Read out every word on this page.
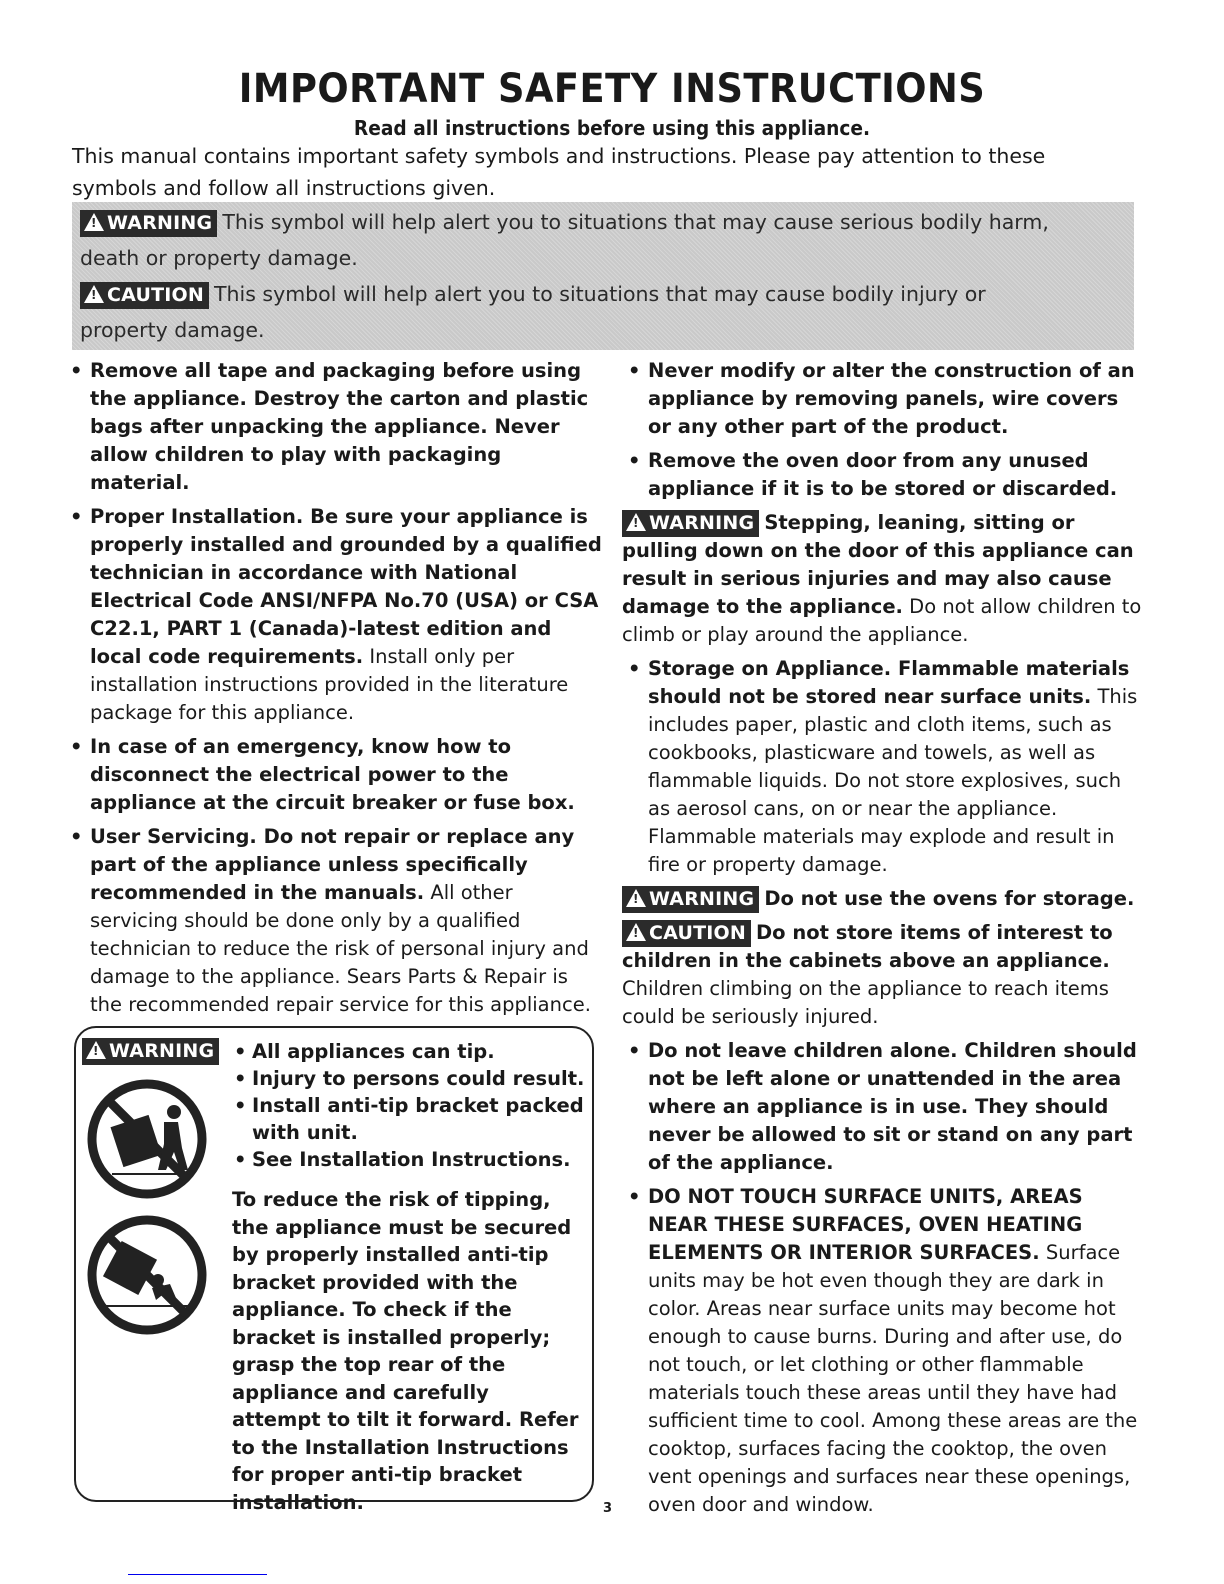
IMPORTANT SAFETY INSTRUCTIONS
Read all instructions before using this appliance.
This manual contains important safety symbols and instructions. Please pay attention to these symbols and follow all instructions given.
!WARNING This symbol will help alert you to situations that may cause serious bodily harm,
death or property damage.
!CAUTION This symbol will help alert you to situations that may cause bodily injury or
property damage.
• Remove all tape and packaging before using the appliance. Destroy the carton and plastic bags after unpacking the appliance. Never allow children to play with packaging material.
• Proper Installation. Be sure your appliance is properly installed and grounded by a qualified technician in accordance with National Electrical Code ANSI/NFPA No.70 (USA) or CSA C22.1, PART 1 (Canada)-latest edition and local code requirements. Install only per installation instructions provided in the literature package for this appliance.
• In case of an emergency, know how to disconnect the electrical power to the appliance at the circuit breaker or fuse box.
• User Servicing. Do not repair or replace any part of the appliance unless specifically recommended in the manuals. All other servicing should be done only by a qualified technician to reduce the risk of personal injury and damage to the appliance. Sears Parts & Repair is the recommended repair service for this appliance.
!WARNING	• All appliances can tip.
• Injury to persons could result.
• Install anti-tip bracket packed with unit.
• See Installation Instructions.
To reduce the risk of tipping, the appliance must be secured by properly installed anti-tip bracket provided with the appliance. To check if the bracket is installed properly; grasp the top rear of the appliance and carefully attempt to tilt it forward. Refer to the Installation Instructions for proper anti-tip bracket installation.
• Never modify or alter the construction of an appliance by removing panels, wire covers or any other part of the product.
• Remove the oven door from any unused appliance if it is to be stored or discarded.
!WARNING Stepping, leaning, sitting or pulling down on the door of this appliance can result in serious injuries and may also cause damage to the appliance. Do not allow children to climb or play around the appliance.
• Storage on Appliance. Flammable materials should not be stored near surface units. This includes paper, plastic and cloth items, such as cookbooks, plasticware and towels, as well as flammable liquids. Do not store explosives, such as aerosol cans, on or near the appliance. Flammable materials may explode and result in fire or property damage.
!WARNING Do not use the ovens for storage.
!CAUTION Do not store items of interest to children in the cabinets above an appliance. Children climbing on the appliance to reach items could be seriously injured.
• Do not leave children alone. Children should not be left alone or unattended in the area where an appliance is in use. They should never be allowed to sit or stand on any part of the appliance.
• DO NOT TOUCH SURFACE UNITS, AREAS NEAR THESE SURFACES, OVEN HEATING ELEMENTS OR INTERIOR SURFACES. Surface units may be hot even though they are dark in color. Areas near surface units may become hot enough to cause burns. During and after use, do not touch, or let clothing or other flammable materials touch these areas until they have had sufficient time to cool. Among these areas are the cooktop, surfaces facing the cooktop, the oven vent openings and surfaces near these openings, oven door and window.
3
